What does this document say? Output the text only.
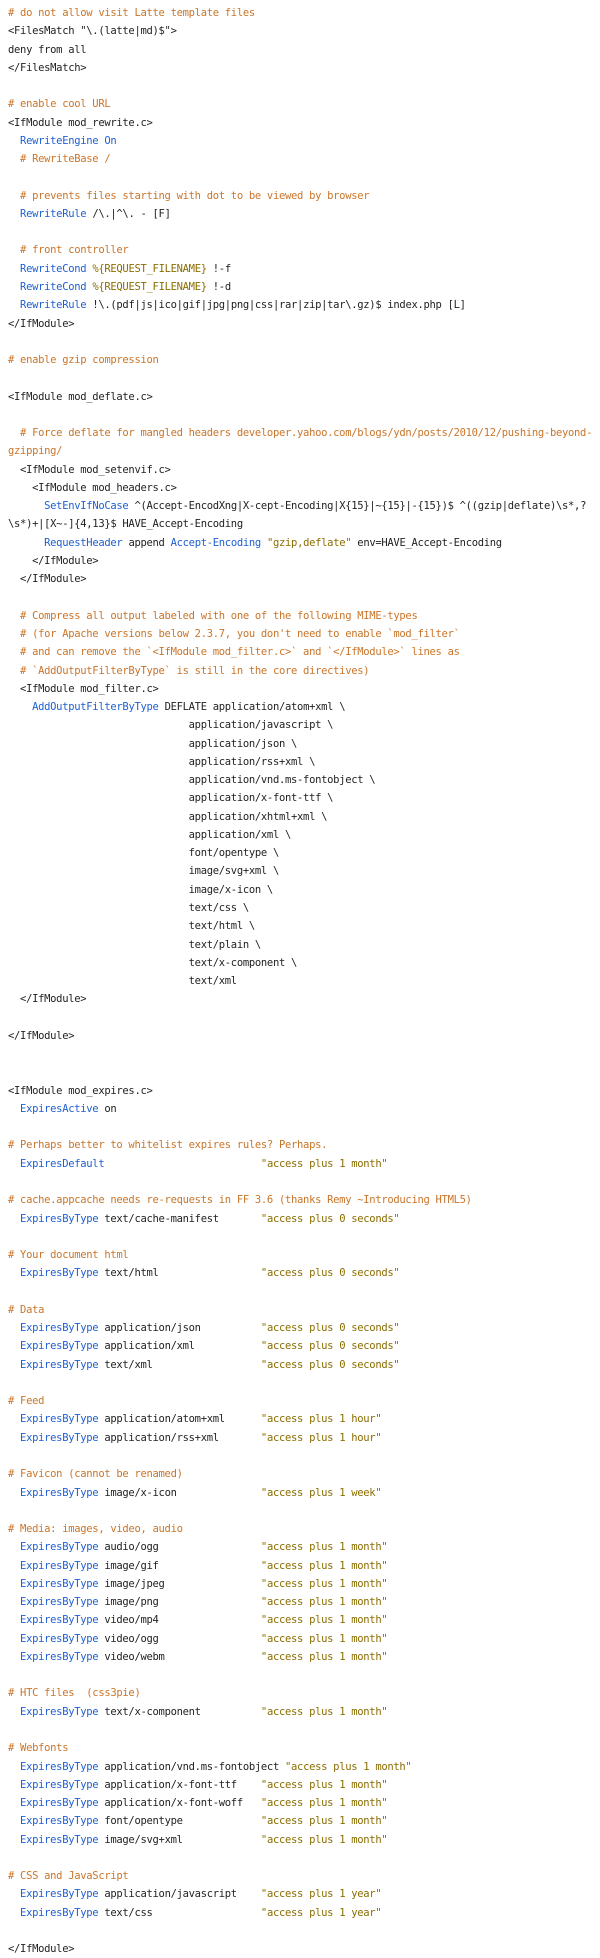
# do not allow visit Latte template files
<FilesMatch "\.(latte|md)$">
deny from all
</FilesMatch>
# enable cool URL
<IfModule mod_rewrite.c>
RewriteEngine On
# RewriteBase /
# prevents files starting with dot to be viewed by browser
RewriteRule /\.|^\. - [F]
# front controller
RewriteCond %{REQUEST_FILENAME} !-f
RewriteCond %{REQUEST_FILENAME} !-d
RewriteRule !\.(pdf|js|ico|gif|jpg|png|css|rar|zip|tar\.gz)$ index.php [L]
</IfModule>
# enable gzip compression
<IfModule mod_deflate.c>
# Force deflate for mangled headers developer.yahoo.com/blogs/ydn/posts/2010/12/pushing-beyond-
gzipping/
<IfModule mod_setenvif.c>
<IfModule mod_headers.c>
SetEnvIfNoCase ^(Accept-EncodXng|X-cept-Encoding|X{15}|~{15}|-{15})$ ^((gzip|deflate)\s*,?
\s*)+|[X~-]{4,13}$ HAVE_Accept-Encoding
RequestHeader append Accept-Encoding "gzip,deflate" env=HAVE_Accept-Encoding
</IfModule>
</IfModule>
# Compress all output labeled with one of the following MIME-types
# (for Apache versions below 2.3.7, you don't need to enable `mod_filter`
# and can remove the `<IfModule mod_filter.c>` and `</IfModule>` lines as
# `AddOutputFilterByType` is still in the core directives)
<IfModule mod_filter.c>
AddOutputFilterByType DEFLATE application/atom+xml \
application/javascript \
application/json \
application/rss+xml \
application/vnd.ms-fontobject \
application/x-font-ttf \
application/xhtml+xml \
application/xml \
font/opentype \
image/svg+xml \
image/x-icon \
text/css \
text/html \
text/plain \
text/x-component \
text/xml
</IfModule>
</IfModule>
<IfModule mod_expires.c>
ExpiresActive on
# Perhaps better to whitelist expires rules? Perhaps.
ExpiresDefault	"access plus 1 month"
# cache.appcache needs re-requests in FF 3.6 (thanks Remy ~Introducing HTML5)
ExpiresByType text/cache-manifest       "access plus 0 seconds"
# Your document html
ExpiresByType text/html                 "access plus 0 seconds"
# Data
ExpiresByType application/json          "access plus 0 seconds"
ExpiresByType application/xml           "access plus 0 seconds"
ExpiresByType text/xml                  "access plus 0 seconds"
# Feed
ExpiresByType application/atom+xml      "access plus 1 hour"
ExpiresByType application/rss+xml       "access plus 1 hour"
# Favicon (cannot be renamed)
ExpiresByType image/x-icon              "access plus 1 week"
# Media: images, video, audio
ExpiresByType audio/ogg                 "access plus 1 month"
ExpiresByType image/gif                 "access plus 1 month"
ExpiresByType image/jpeg                "access plus 1 month"
ExpiresByType image/png                 "access plus 1 month"
ExpiresByType video/mp4                 "access plus 1 month"
ExpiresByType video/ogg                 "access plus 1 month"
ExpiresByType video/webm                "access plus 1 month"
# HTC files  (css3pie)
ExpiresByType text/x-component          "access plus 1 month"
# Webfonts
ExpiresByType application/vnd.ms-fontobject "access plus 1 month"
ExpiresByType application/x-font-ttf    "access plus 1 month"
ExpiresByType application/x-font-woff   "access plus 1 month"
ExpiresByType font/opentype             "access plus 1 month"
ExpiresByType image/svg+xml             "access plus 1 month"
# CSS and JavaScript
ExpiresByType application/javascript    "access plus 1 year"
ExpiresByType text/css                  "access plus 1 year"
</IfModule>
